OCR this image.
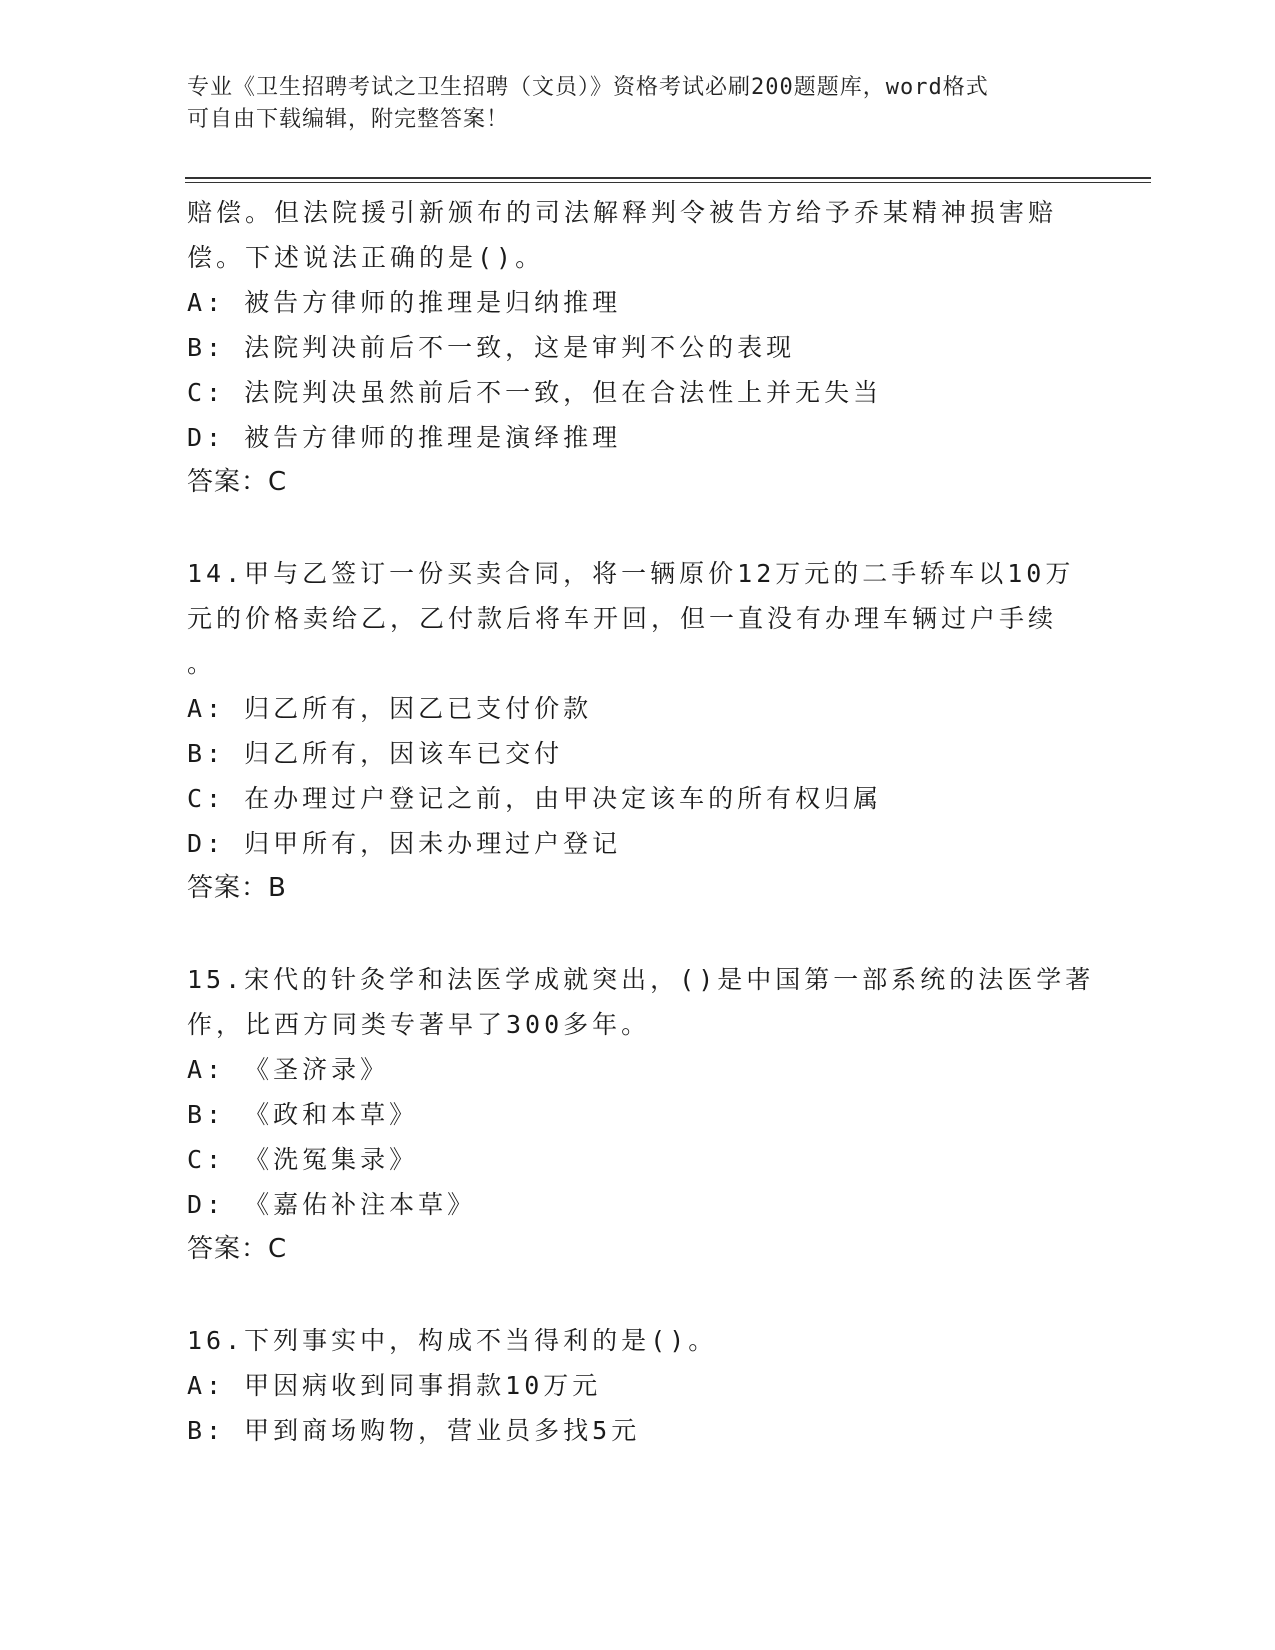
专业《卫生招聘考试之卫生招聘（文员）》资格考试必刷200题题库，word格式
可自由下载编辑，附完整答案！
赔偿。但法院援引新颁布的司法解释判令被告方给予乔某精神损害赔
偿。下述说法正确的是()。
A: 被告方律师的推理是归纳推理
B: 法院判决前后不一致，这是审判不公的表现
C: 法院判决虽然前后不一致，但在合法性上并无失当
D: 被告方律师的推理是演绎推理
答案：C
14.甲与乙签订一份买卖合同，将一辆原价12万元的二手轿车以10万
元的价格卖给乙，乙付款后将车开回，但一直没有办理车辆过户手续
。
A: 归乙所有，因乙已支付价款
B: 归乙所有，因该车已交付
C: 在办理过户登记之前，由甲决定该车的所有权归属
D: 归甲所有，因未办理过户登记
答案：B
15.宋代的针灸学和法医学成就突出，()是中国第一部系统的法医学著
作，比西方同类专著早了300多年。
A: 《圣济录》
B: 《政和本草》
C: 《洗冤集录》
D: 《嘉佑补注本草》
答案：C
16.下列事实中，构成不当得利的是()。
A: 甲因病收到同事捐款10万元
B: 甲到商场购物，营业员多找5元
